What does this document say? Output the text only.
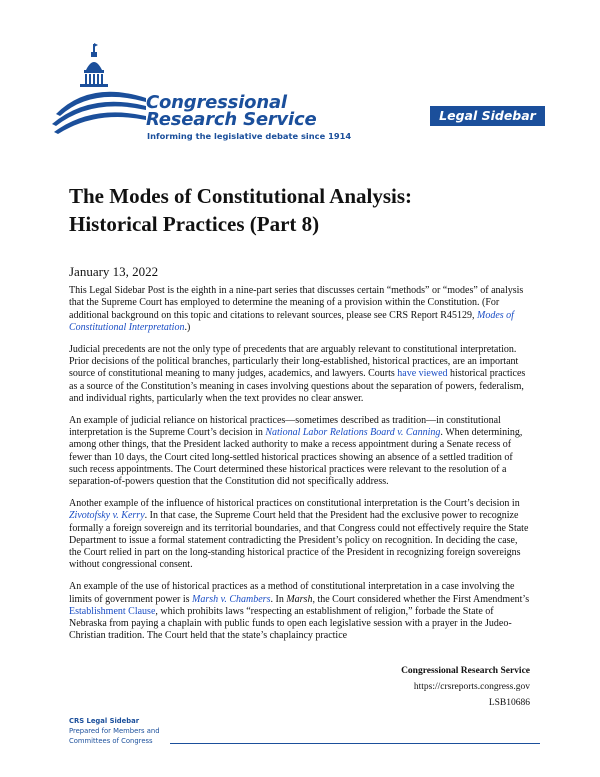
Congressional
Research Service
Informing the legislative debate since 1914
Legal Sidebar
The Modes of Constitutional Analysis:
Historical Practices (Part 8)
January 13, 2022

This Legal Sidebar Post is the eighth in a nine-part series that discusses certain “methods” or “modes” of analysis that the Supreme Court has employed to determine the meaning of a provision within the Constitution. (For additional background on this topic and citations to relevant sources, please see CRS Report R45129, Modes of Constitutional Interpretation.)

Judicial precedents are not the only type of precedents that are arguably relevant to constitutional interpretation. Prior decisions of the political branches, particularly their long-established, historical practices, are an important source of constitutional meaning to many judges, academics, and lawyers. Courts have viewed historical practices as a source of the Constitution’s meaning in cases involving questions about the separation of powers, federalism, and individual rights, particularly when the text provides no clear answer.

An example of judicial reliance on historical practices—sometimes described as tradition—in constitutional interpretation is the Supreme Court’s decision in National Labor Relations Board v. Canning. When determining, among other things, that the President lacked authority to make a recess appointment during a Senate recess of fewer than 10 days, the Court cited long-settled historical practices showing an absence of a settled tradition of such recess appointments. The Court determined these historical practices were relevant to the resolution of a separation-of-powers question that the Constitution did not specifically address.

Another example of the influence of historical practices on constitutional interpretation is the Court’s decision in Zivotofsky v. Kerry. In that case, the Supreme Court held that the President had the exclusive power to recognize formally a foreign sovereign and its territorial boundaries, and that Congress could not effectively require the State Department to issue a formal statement contradicting the President’s policy on recognition. In deciding the case, the Court relied in part on the long-standing historical practice of the President in recognizing foreign sovereigns without congressional consent.

An example of the use of historical practices as a method of constitutional interpretation in a case involving the limits of government power is Marsh v. Chambers. In Marsh, the Court considered whether the First Amendment’s Establishment Clause, which prohibits laws “respecting an establishment of religion,” forbade the State of Nebraska from paying a chaplain with public funds to open each legislative session with a prayer in the Judeo-Christian tradition. The Court held that the state’s chaplaincy practice

Congressional Research Service
https://crsreports.congress.gov
LSB10686
CRS Legal Sidebar
Prepared for Members and
Committees of Congress
